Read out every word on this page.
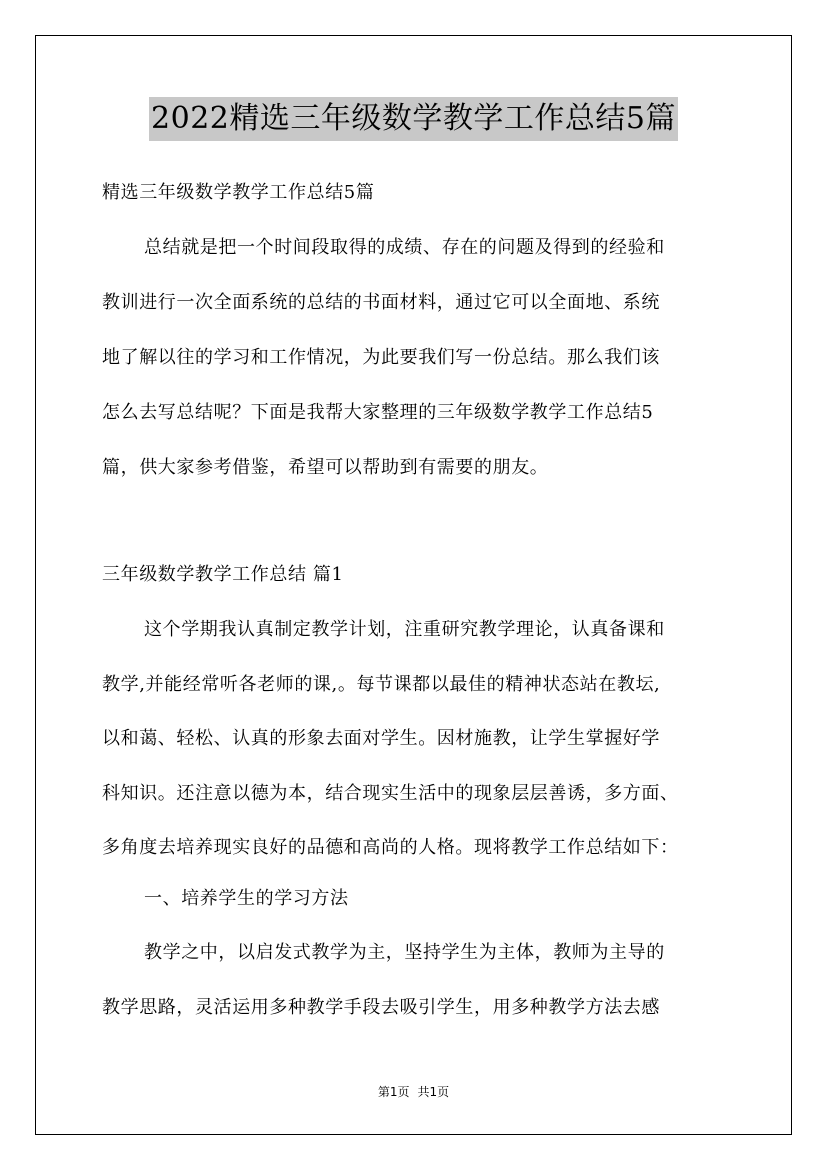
2022精选三年级数学教学工作总结5篇
精选三年级数学教学工作总结5篇
总结就是把一个时间段取得的成绩、存在的问题及得到的经验和
教训进行一次全面系统的总结的书面材料，通过它可以全面地、系统
地了解以往的学习和工作情况，为此要我们写一份总结。那么我们该
怎么去写总结呢？下面是我帮大家整理的三年级数学教学工作总结5
篇，供大家参考借鉴，希望可以帮助到有需要的朋友。
三年级数学教学工作总结 篇1
这个学期我认真制定教学计划，注重研究教学理论，认真备课和
教学,并能经常听各老师的课,。每节课都以最佳的精神状态站在教坛,
以和蔼、轻松、认真的形象去面对学生。因材施教，让学生掌握好学
科知识。还注意以德为本，结合现实生活中的现象层层善诱，多方面、
多角度去培养现实良好的品德和高尚的人格。现将教学工作总结如下：
一、培养学生的学习方法
教学之中，以启发式教学为主，坚持学生为主体，教师为主导的
教学思路，灵活运用多种教学手段去吸引学生，用多种教学方法去感
第1页 共1页
